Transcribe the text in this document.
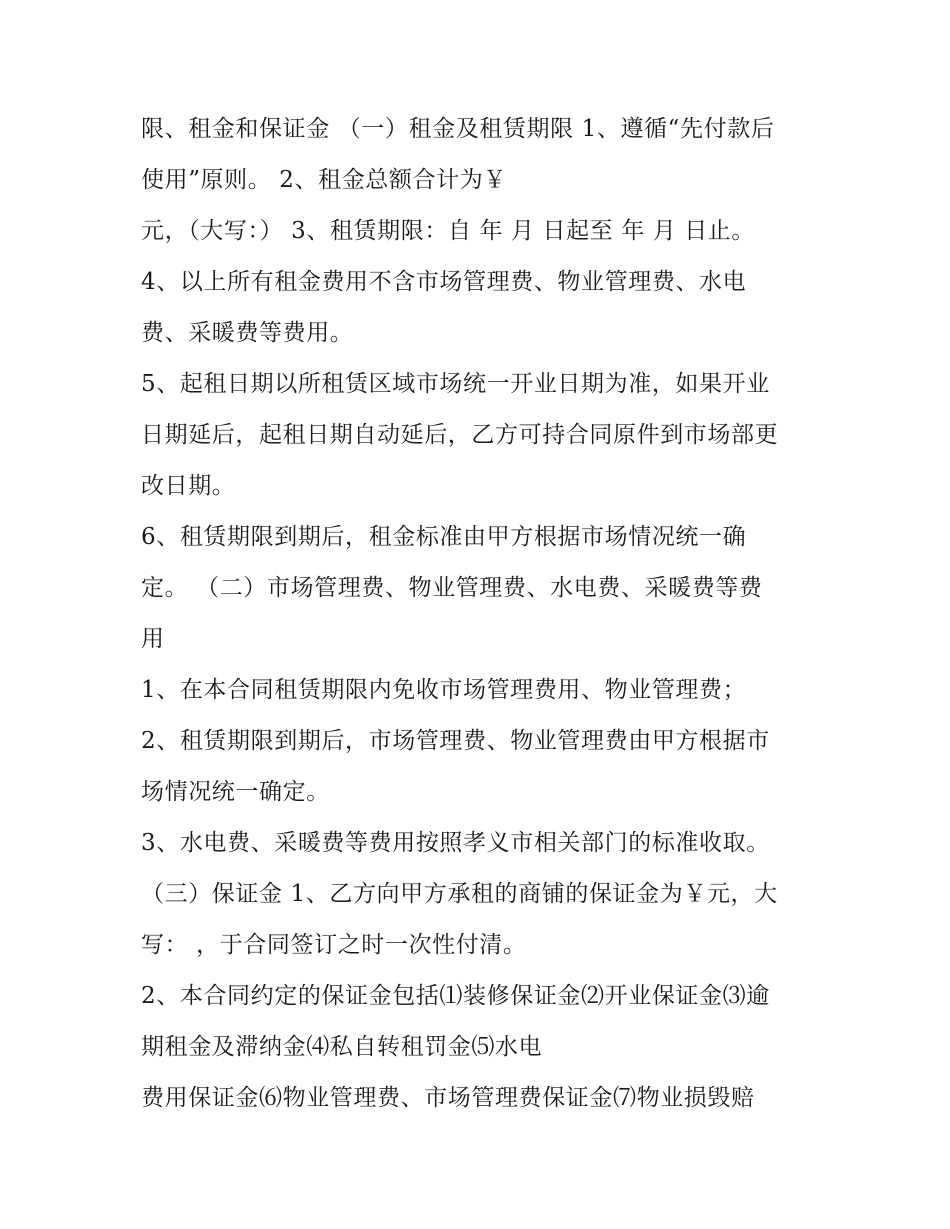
限、租金和保证金 （一）租金及租赁期限 1、遵循“先付款后
使用”原则。 2、租金总额合计为￥
元，（大写：） 3、租赁期限：自 年 月 日起至 年 月 日止。
4、以上所有租金费用不含市场管理费、物业管理费、水电
费、采暖费等费用。
5、起租日期以所租赁区域市场统一开业日期为准，如果开业
日期延后，起租日期自动延后，乙方可持合同原件到市场部更
改日期。
6、租赁期限到期后，租金标准由甲方根据市场情况统一确
定。 （二）市场管理费、物业管理费、水电费、采暖费等费
用
1、在本合同租赁期限内免收市场管理费用、物业管理费；
2、租赁期限到期后，市场管理费、物业管理费由甲方根据市
场情况统一确定。
3、水电费、采暖费等费用按照孝义市相关部门的标准收取。
（三）保证金 1、乙方向甲方承租的商铺的保证金为￥元，大
写： ，于合同签订之时一次性付清。
2、本合同约定的保证金包括⑴装修保证金⑵开业保证金⑶逾
期租金及滞纳金⑷私自转租罚金⑸水电
费用保证金⑹物业管理费、市场管理费保证金⑺物业损毁赔
